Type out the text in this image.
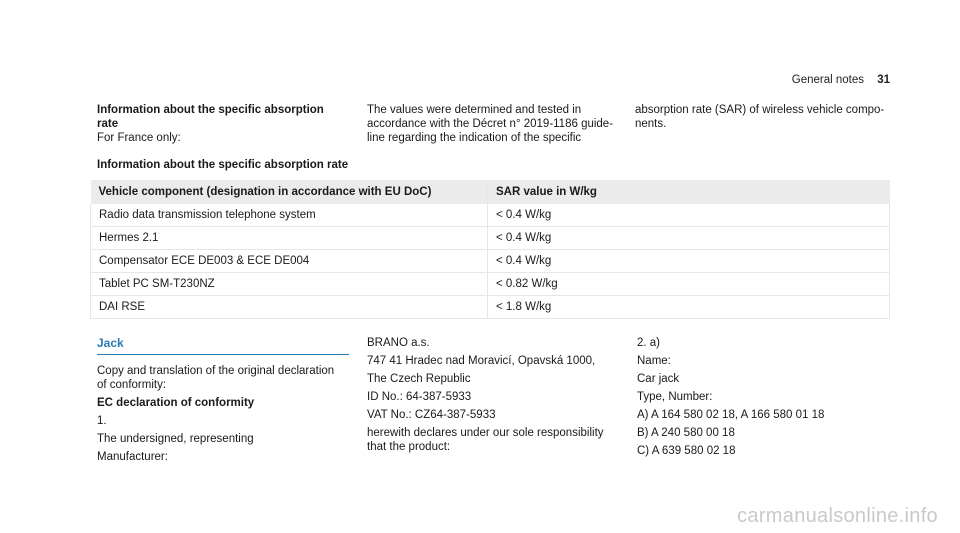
General notes 31

Information about the specific absorption

rate

For France only:

The values were determined and tested in

accordance with the Décret n° 2019-1186 guide-

line regarding the indication of the specific

absorption rate (SAR) of wireless vehicle compo-

nents.

Information about the specific absorption rate
Vehicle component (designation in accordance with EU DoC)	SAR value in W/kg
Radio data transmission telephone system	< 0.4 W/kg
Hermes 2.1	< 0.4 W/kg
Compensator ECE DE003 & ECE DE004	< 0.4 W/kg
Tablet PC SM-T230NZ	< 0.82 W/kg
DAI RSE	< 1.8 W/kg
Jack

Copy and translation of the original declaration

of conformity:

EC declaration of conformity

1.

The undersigned, representing

Manufacturer:

BRANO a.s.

747 41 Hradec nad Moravicí, Opavská 1000,

The Czech Republic

ID No.: 64-387-5933

VAT No.: CZ64-387-5933

herewith declares under our sole responsibility

that the product:

2. a)

Name:

Car jack

Type, Number:

A) A 164 580 02 18, A 166 580 01 18

B) A 240 580 00 18

C) A 639 580 02 18

carmanualsonline.info
